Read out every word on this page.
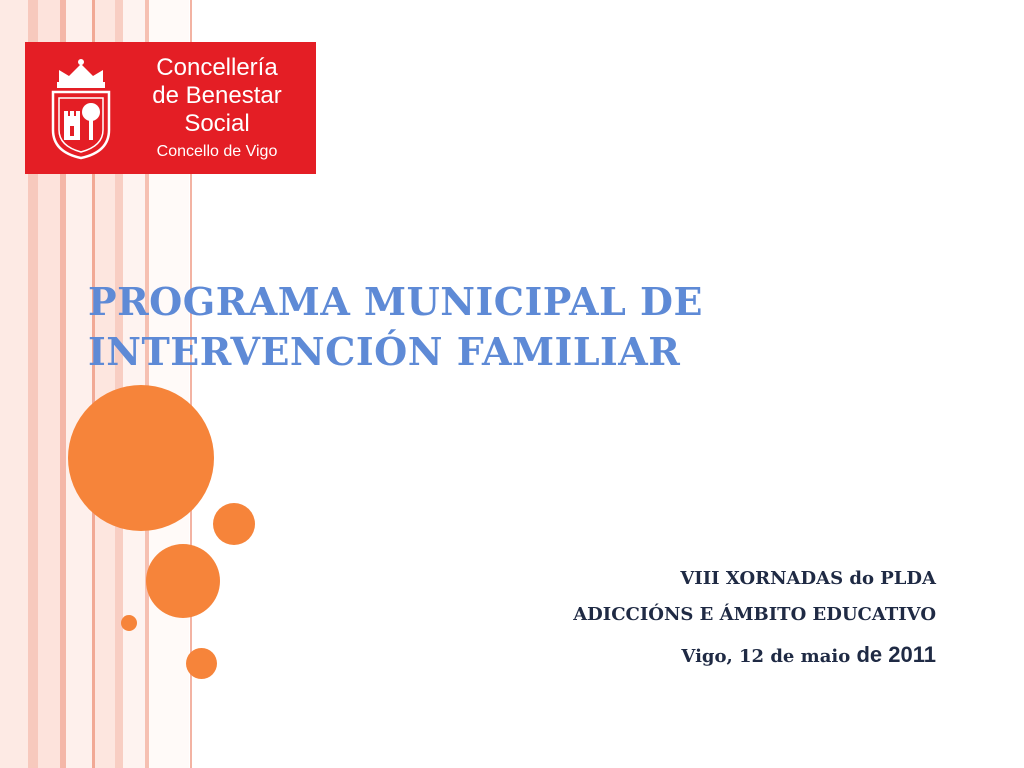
Concellería
de Benestar
Social
Concello de Vigo
PROGRAMA MUNICIPAL DE
INTERVENCIÓN FAMILIAR
VIII XORNADAS do PLDA
ADICCIÓNS E ÁMBITO EDUCATIVO
Vigo, 12 de maio de 2011
